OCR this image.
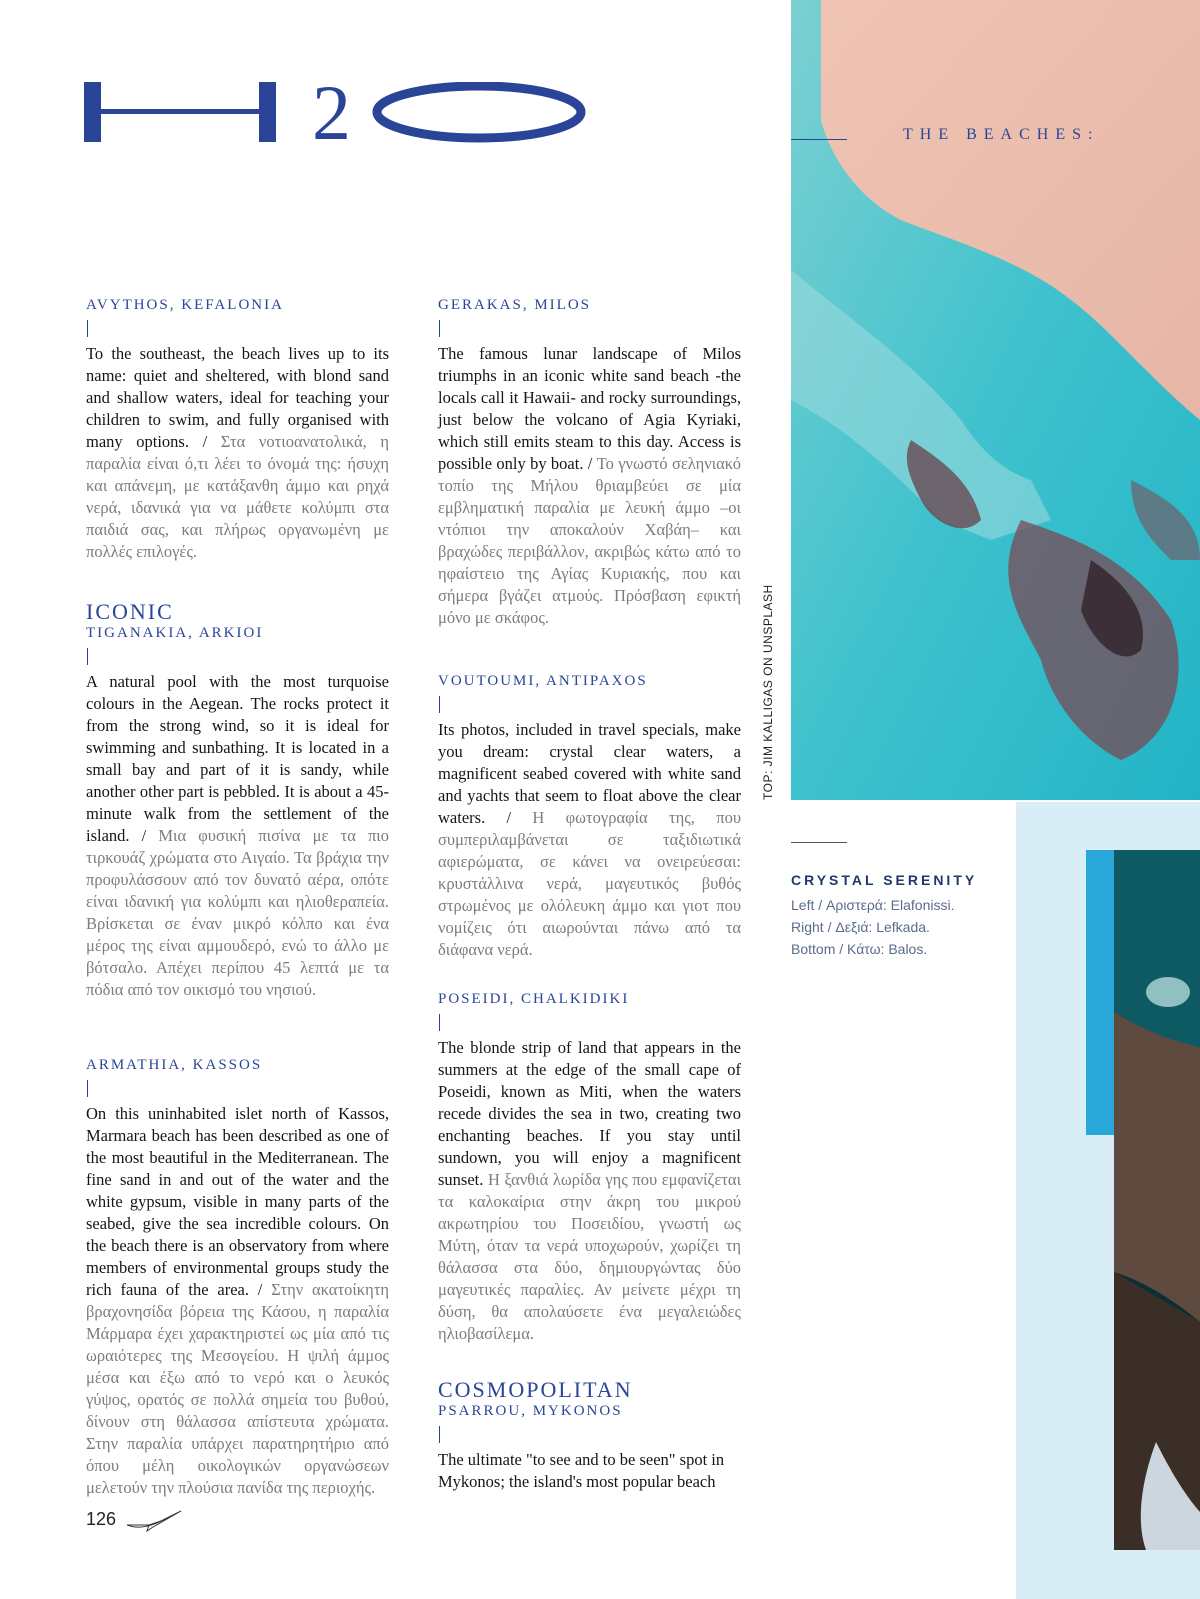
2	THE BEACHES:
TOP: JIM KALLIGAS ON UNSPLASH
CRYSTAL SERENITY
Left / Αριστερά: Elafonissi.
Right / Δεξιά: Lefkada.
Bottom / Κάτω: Balos.
AVYTHOS, KEFALONIA

To the southeast, the beach lives up to its name: quiet and sheltered, with blond sand and shallow waters, ideal for teaching your children to swim, and fully organised with many options. / Στα νοτιοανατολικά, η παραλία είναι ό,τι λέει το όνομά της: ήσυχη και απάνεμη, με κατάξανθη άμμο και ρηχά νερά, ιδανικά για να μάθετε κολύμπι στα παιδιά σας, και πλήρως οργανωμένη με πολλές επιλογές.

ICONIC
TIGANAKIA, ARKIOI

A natural pool with the most turquoise colours in the Aegean. The rocks protect it from the strong wind, so it is ideal for swimming and sunbathing. It is located in a small bay and part of it is sandy, while another other part is pebbled. It is about a 45-minute walk from the settlement of the island. / Μια φυσική πισίνα με τα πιο τιρκουάζ χρώματα στο Αιγαίο. Τα βράχια την προφυλάσσουν από τον δυνατό αέρα, οπότε είναι ιδανική για κολύμπι και ηλιοθεραπεία. Βρίσκεται σε έναν μικρό κόλπο και ένα μέρος της είναι αμμουδερό, ενώ το άλλο με βότσαλο. Απέχει περίπου 45 λεπτά με τα πόδια από τον οικισμό του νησιού.

ARMATHIA, KASSOS

On this uninhabited islet north of Kassos, Marmara beach has been described as one of the most beautiful in the Mediterranean. The fine sand in and out of the water and the white gypsum, visible in many parts of the seabed, give the sea incredible colours. On the beach there is an observatory from where members of environmental groups study the rich fauna of the area. / Στην ακατοίκητη βραχονησίδα βόρεια της Κάσου, η παραλία Μάρμαρα έχει χαρακτηριστεί ως μία από τις ωραιότερες της Μεσογείου. Η ψιλή άμμος μέσα και έξω από το νερό και ο λευκός γύψος, ορατός σε πολλά σημεία του βυθού, δίνουν στη θάλασσα απίστευτα χρώματα. Στην παραλία υπάρχει παρατηρητήριο από όπου μέλη οικολογικών οργανώσεων μελετούν την πλούσια πανίδα της περιοχής.

GERAKAS, MILOS

The famous lunar landscape of Milos triumphs in an iconic white sand beach -the locals call it Hawaii- and rocky surroundings, just below the volcano of Agia Kyriaki, which still emits steam to this day. Access is possible only by boat. / Το γνωστό σεληνιακό τοπίο της Μήλου θριαμβεύει σε μία εμβληματική παραλία με λευκή άμμο –οι ντόπιοι την αποκαλούν Χαβάη– και βραχώδες περιβάλλον, ακριβώς κάτω από το ηφαίστειο της Αγίας Κυριακής, που και σήμερα βγάζει ατμούς. Πρόσβαση εφικτή μόνο με σκάφος.

VOUTOUMI, ANTIPAXOS

Its photos, included in travel specials, make you dream: crystal clear waters, a magnificent seabed covered with white sand and yachts that seem to float above the clear waters. / Η φωτογραφία της, που συμπεριλαμβάνεται σε ταξιδιωτικά αφιερώματα, σε κάνει να ονειρεύεσαι: κρυστάλλινα νερά, μαγευτικός βυθός στρωμένος με ολόλευκη άμμο και γιοτ που νομίζεις ότι αιωρούνται πάνω από τα διάφανα νερά.

POSEIDI, CHALKIDIKI

The blonde strip of land that appears in the summers at the edge of the small cape of Poseidi, known as Miti, when the waters recede divides the sea in two, creating two enchanting beaches. If you stay until sundown, you will enjoy a magnificent sunset. Η ξανθιά λωρίδα γης που εμφανίζεται τα καλοκαίρια στην άκρη του μικρού ακρωτηρίου του Ποσειδίου, γνωστή ως Μύτη, όταν τα νερά υποχωρούν, χωρίζει τη θάλασσα στα δύο, δημιουργώντας δύο μαγευτικές παραλίες. Αν μείνετε μέχρι τη δύση, θα απολαύσετε ένα μεγαλειώδες ηλιοβασίλεμα.

COSMOPOLITAN
PSARROU, MYKONOS

The ultimate "to see and to be seen" spot in Mykonos; the island's most popular beach

126
